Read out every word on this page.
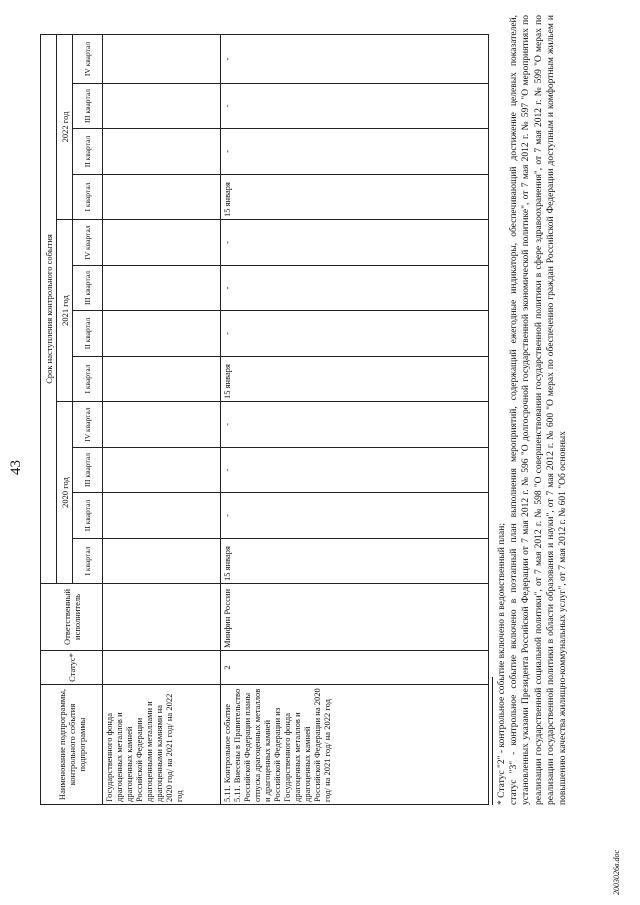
43
Наименование подпрограммы, контрольного события подпрограммы	Статус*	Ответственный исполнитель	Срок наступления контрольного события											
			2020 год				2021 год				2022 год			
			I квартал	II квартал	III квартал	IV квартал	I квартал	II квартал	III квартал	IV квартал	I квартал	II квартал	III квартал	IV квартал
Государственного фонда драгоценных металлов и драгоценных камней Российской Федерации драгоценными металлами и драгоценными камнями на 2020 год/ на 2021 год/ на 2022 год														
5.11. Контрольное событие 5.11. Внесены в Правительство Российской Федерации планы отпуска драгоценных металлов и драгоценных камней Российской Федерации из Государственного фонда драгоценных металлов и драгоценных камней Российской Федерации на 2020 год/ на 2021 год/ на 2022 год	2	Минфин России	15 января	-	-	-	15 января	-	-	-	15 января	-	-	-

* Статус "2" - контрольное событие включено в ведомственный план; статус "3" - контрольное событие включено в поэтапный план выполнения мероприятий, содержащий ежегодные индикаторы, обеспечивающий достижение целевых показателей, установленных указами Президента Российской Федерации от 7 мая 2012 г. № 596 "О долгосрочной государственной экономической политике", от 7 мая 2012 г. № 597 "О мероприятиях по реализации государственной социальной политики", от 7 мая 2012 г. № 598 "О совершенствовании государственной политики в сфере здравоохранения", от 7 мая 2012 г. № 599 "О мерах по реализации государственной политики в области образования и науки", от 7 мая 2012 г. № 600 "О мерах по обеспечению граждан Российской Федерации доступным и комфортным жильем и повышению качества жилищно-коммунальных услуг", от 7 мая 2012 г. № 601 "Об основных

2003026в.doc
